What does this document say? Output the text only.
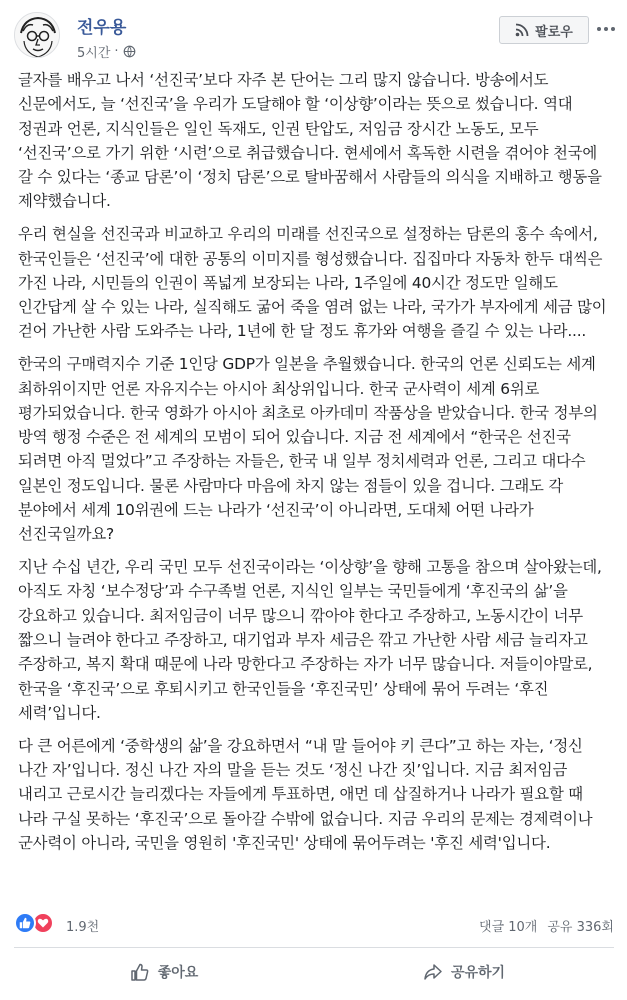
전우용
5시간 ·
팔로우

글자를 배우고 나서 ‘선진국’보다 자주 본 단어는 그리 많지 않습니다. 방송에서도 신문에서도, 늘 ‘선진국’을 우리가 도달해야 할 ‘이상향’이라는 뜻으로 썼습니다. 역대 정권과 언론, 지식인들은 일인 독재도, 인권 탄압도, 저임금 장시간 노동도, 모두 ‘선진국’으로 가기 위한 ‘시련’으로 취급했습니다. 현세에서 혹독한 시련을 겪어야 천국에 갈 수 있다는 ‘종교 담론’이 ‘정치 담론’으로 탈바꿈해서 사람들의 의식을 지배하고 행동을 제약했습니다.

우리 현실을 선진국과 비교하고 우리의 미래를 선진국으로 설정하는 담론의 홍수 속에서, 한국인들은 ‘선진국’에 대한 공통의 이미지를 형성했습니다. 집집마다 자동차 한두 대씩은 가진 나라, 시민들의 인권이 폭넓게 보장되는 나라, 1주일에 40시간 정도만 일해도 인간답게 살 수 있는 나라, 실직해도 굶어 죽을 염려 없는 나라, 국가가 부자에게 세금 많이 걷어 가난한 사람 도와주는 나라, 1년에 한 달 정도 휴가와 여행을 즐길 수 있는 나라....

한국의 구매력지수 기준 1인당 GDP가 일본을 추월했습니다. 한국의 언론 신뢰도는 세계 최하위이지만 언론 자유지수는 아시아 최상위입니다. 한국 군사력이 세계 6위로 평가되었습니다. 한국 영화가 아시아 최초로 아카데미 작품상을 받았습니다. 한국 정부의 방역 행정 수준은 전 세계의 모범이 되어 있습니다. 지금 전 세계에서 “한국은 선진국 되려면 아직 멀었다”고 주장하는 자들은, 한국 내 일부 정치세력과 언론, 그리고 대다수 일본인 정도입니다. 물론 사람마다 마음에 차지 않는 점들이 있을 겁니다. 그래도 각 분야에서 세계 10위권에 드는 나라가 ‘선진국’이 아니라면, 도대체 어떤 나라가 선진국일까요?

지난 수십 년간, 우리 국민 모두 선진국이라는 ‘이상향’을 향해 고통을 참으며 살아왔는데, 아직도 자칭 ‘보수정당’과 수구족벌 언론, 지식인 일부는 국민들에게 ‘후진국의 삶’을 강요하고 있습니다. 최저임금이 너무 많으니 깎아야 한다고 주장하고, 노동시간이 너무 짧으니 늘려야 한다고 주장하고, 대기업과 부자 세금은 깎고 가난한 사람 세금 늘리자고 주장하고, 복지 확대 때문에 나라 망한다고 주장하는 자가 너무 많습니다. 저들이야말로, 한국을 ‘후진국’으로 후퇴시키고 한국인들을 ‘후진국민’ 상태에 묶어 두려는 ‘후진 세력’입니다.

다 큰 어른에게 ‘중학생의 삶’을 강요하면서 “내 말 들어야 키 큰다”고 하는 자는, ‘정신 나간 자’입니다. 정신 나간 자의 말을 듣는 것도 ‘정신 나간 짓’입니다. 지금 최저임금 내리고 근로시간 늘리겠다는 자들에게 투표하면, 애먼 데 삽질하거나 나라가 필요할 때 나라 구실 못하는 ‘후진국’으로 돌아갈 수밖에 없습니다. 지금 우리의 문제는 경제력이나 군사력이 아니라, 국민을 영원히 '후진국민' 상태에 묶어두려는 '후진 세력'입니다.

1.9천	댓글 10개 공유 336회
좋아요	공유하기
